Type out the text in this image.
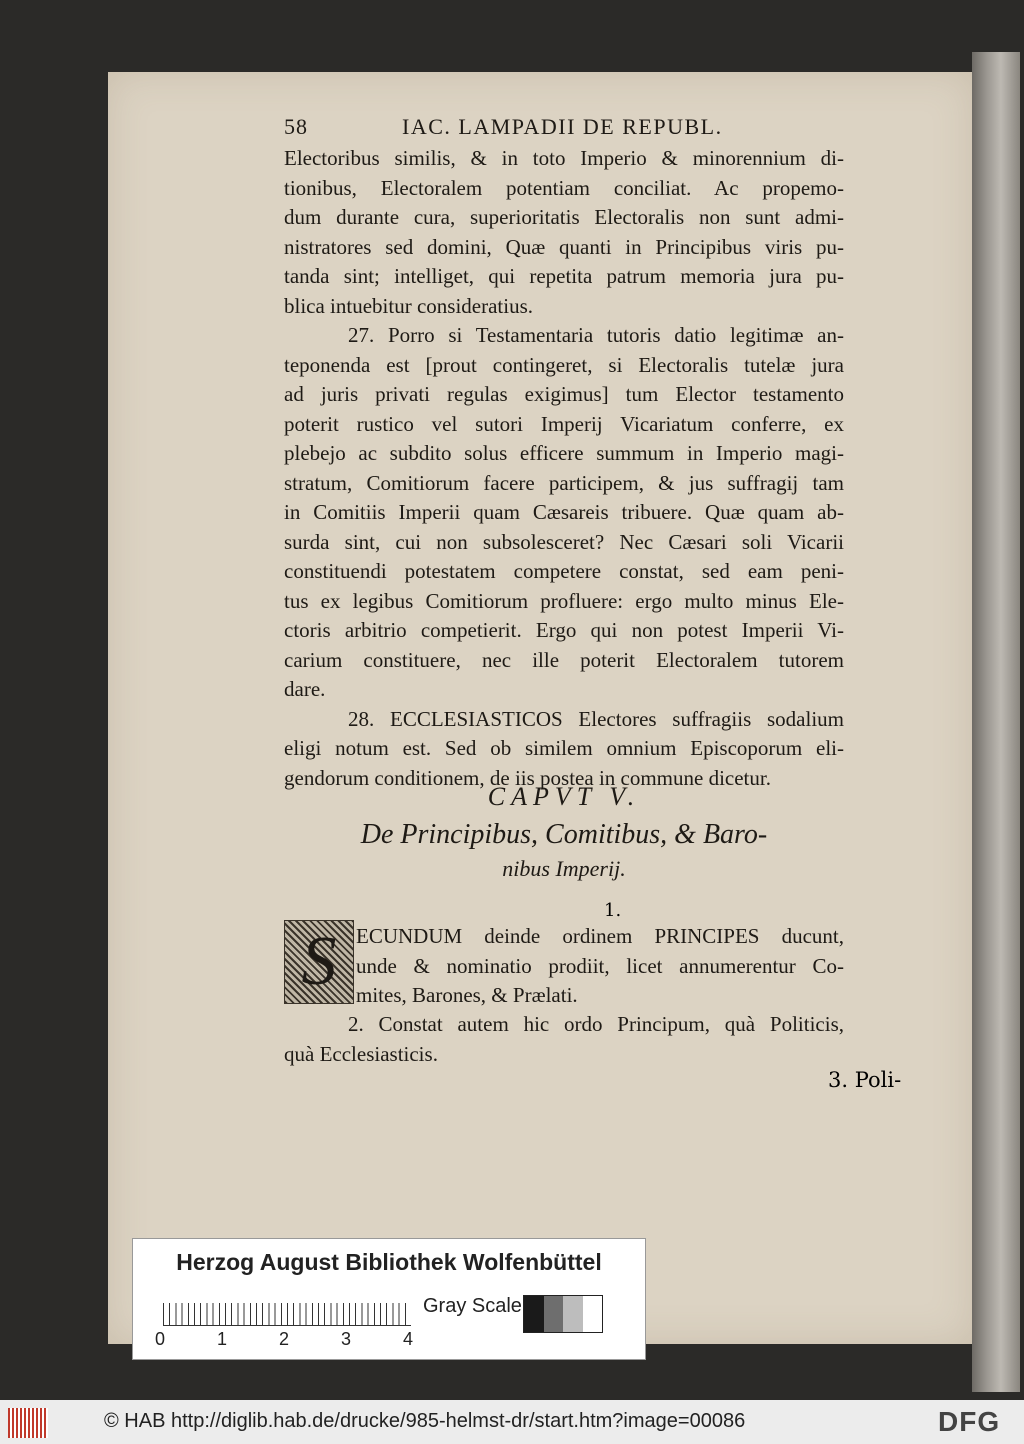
58	IAC. LAMPADII DE REPUBL.
Electoribus similis, & in toto Imperio & minorennium di-
tionibus, Electoralem potentiam conciliat. Ac propemo-
dum durante cura, superioritatis Electoralis non sunt admi-
nistratores sed domini, Quæ quanti in Principibus viris pu-
tanda sint; intelliget, qui repetita patrum memoria jura pu-
blica intuebitur consideratius.
27. Porro si Testamentaria tutoris datio legitimæ an-
teponenda est [prout contingeret, si Electoralis tutelæ jura
ad juris privati regulas exigimus] tum Elector testamento
poterit rustico vel sutori Imperij Vicariatum conferre, ex
plebejo ac subdito solus efficere summum in Imperio magi-
stratum, Comitiorum facere participem, & jus suffragij tam
in Comitiis Imperii quam Cæsareis tribuere. Quæ quam ab-
surda sint, cui non subsolesceret? Nec Cæsari soli Vicarii
constituendi potestatem competere constat, sed eam peni-
tus ex legibus Comitiorum profluere: ergo multo minus Ele-
ctoris arbitrio competierit. Ergo qui non potest Imperii Vi-
carium constituere, nec ille poterit Electoralem tutorem
dare.
28. ECCLESIASTICOS Electores suffragiis sodalium
eligi notum est. Sed ob similem omnium Episcoporum eli-
gendorum conditionem, de iis postea in commune dicetur.
CAPVT V.
De Principibus, Comitibus, & Baro-
nibus Imperij.
1.
S ECUNDUM deinde ordinem PRINCIPES ducunt,
unde & nominatio prodiit, licet annumerentur Co-
mites, Barones, & Prælati.
2. Constat autem hic ordo Principum, quà Politicis,
quà Ecclesiasticis.
3. Poli-
Herzog August Bibliothek Wolfenbüttel
0	1	2	3	4
Gray Scale
© HAB http://diglib.hab.de/drucke/985-helmst-dr/start.htm?image=00086	DFG
